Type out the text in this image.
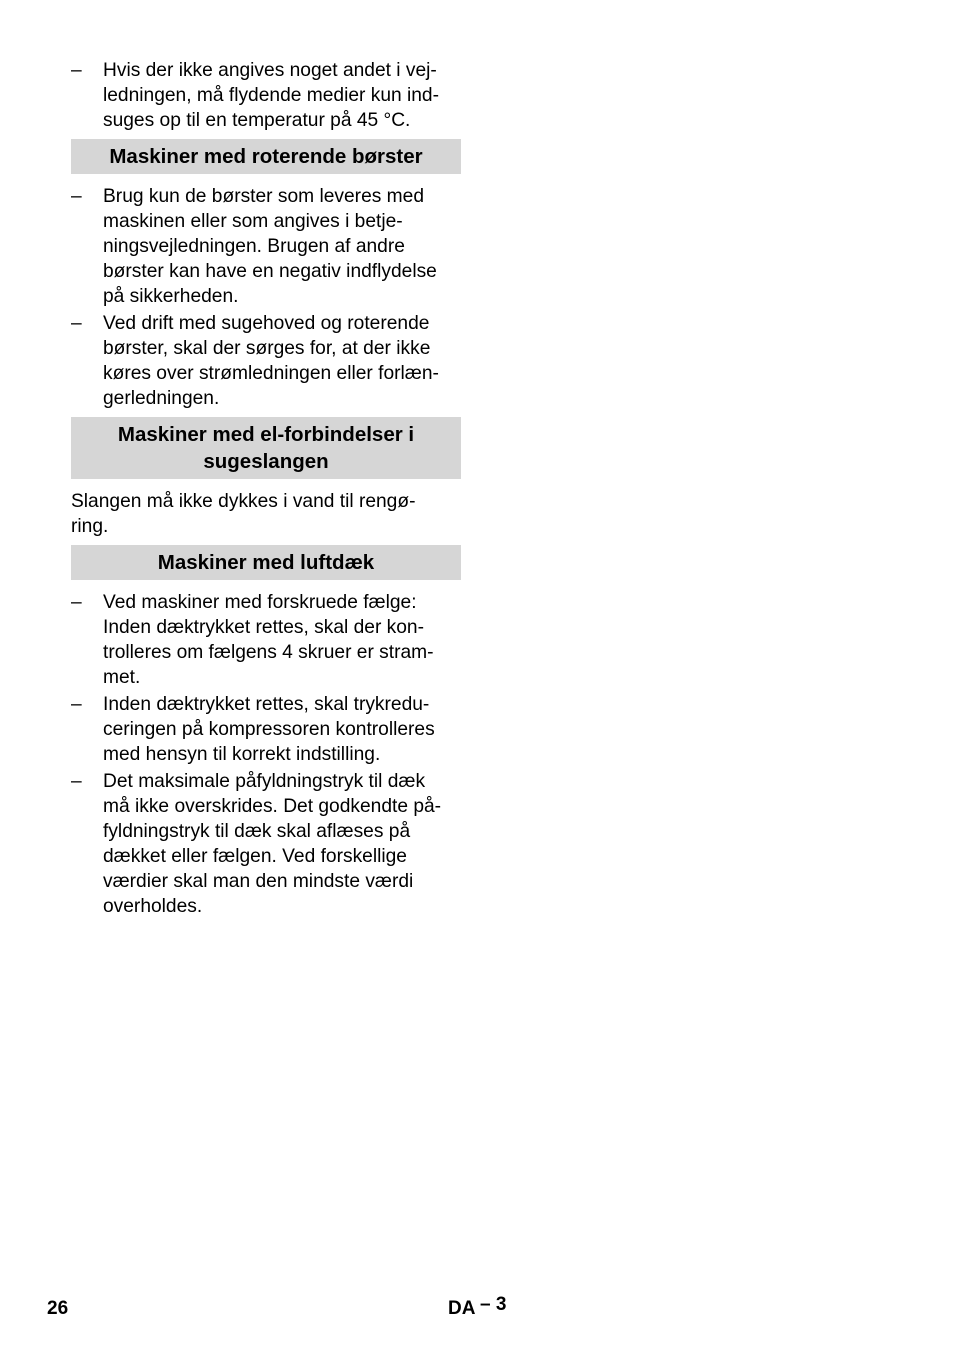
– Hvis der ikke angives noget andet i vej-
ledningen, må flydende medier kun ind-
suges op til en temperatur på 45 °C.
Maskiner med roterende børster
– Brug kun de børster som leveres med
maskinen eller som angives i betje-
ningsvejledningen. Brugen af andre
børster kan have en negativ indflydelse
på sikkerheden.
– Ved drift med sugehoved og roterende
børster, skal der sørges for, at der ikke
køres over strømledningen eller forlæn-
gerledningen.
Maskiner med el-forbindelser i
sugeslangen
Slangen må ikke dykkes i vand til rengø-
ring.
Maskiner med luftdæk
– Ved maskiner med forskruede fælge:
Inden dæktrykket rettes, skal der kon-
trolleres om fælgens 4 skruer er stram-
met.
– Inden dæktrykket rettes, skal trykredu-
ceringen på kompressoren kontrolleres
med hensyn til korrekt indstilling.
– Det maksimale påfyldningstryk til dæk
må ikke overskrides. Det godkendte på-
fyldningstryk til dæk skal aflæses på
dækket eller fælgen. Ved forskellige
værdier skal man den mindste værdi
overholdes.
26	DA – 3
